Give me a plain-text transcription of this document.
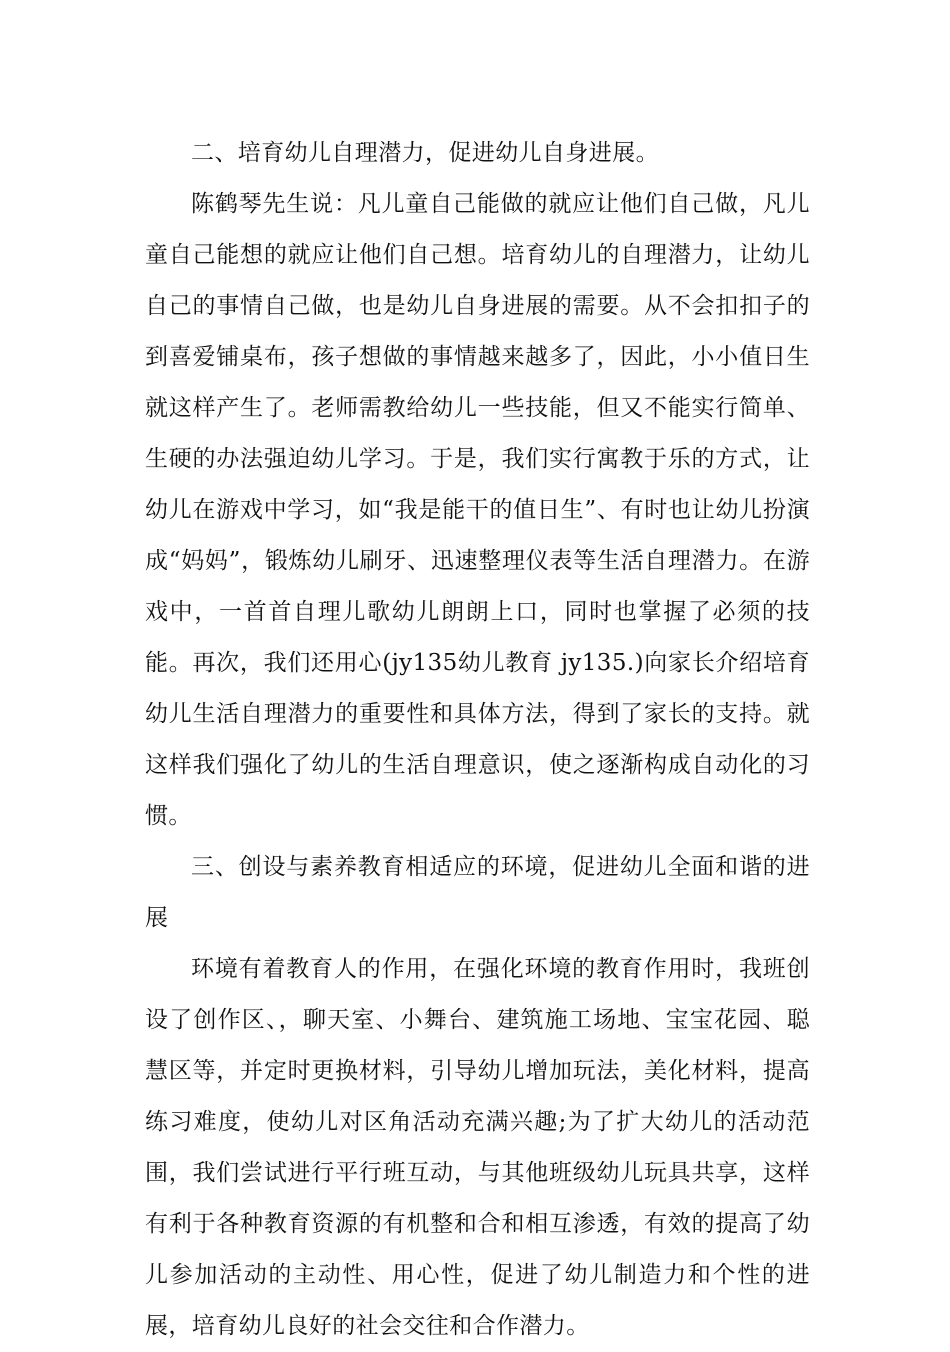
二、培育幼儿自理潜力，促进幼儿自身进展。

陈鹤琴先生说：凡儿童自己能做的就应让他们自己做，凡儿童自己能想的就应让他们自己想。培育幼儿的自理潜力，让幼儿自己的事情自己做，也是幼儿自身进展的需要。从不会扣扣子的到喜爱铺桌布，孩子想做的事情越来越多了，因此，小小值日生就这样产生了。老师需教给幼儿一些技能，但又不能实行简单、生硬的办法强迫幼儿学习。于是，我们实行寓教于乐的方式，让幼儿在游戏中学习，如“我是能干的值日生”、有时也让幼儿扮演成“妈妈”，锻炼幼儿刷牙、迅速整理仪表等生活自理潜力。在游戏中，一首首自理儿歌幼儿朗朗上口，同时也掌握了必须的技能。再次，我们还用心(jy135幼儿教育 jy135.)向家长介绍培育幼儿生活自理潜力的重要性和具体方法，得到了家长的支持。就这样我们强化了幼儿的生活自理意识，使之逐渐构成自动化的习惯。

三、创设与素养教育相适应的环境，促进幼儿全面和谐的进展

环境有着教育人的作用，在强化环境的教育作用时，我班创设了创作区、，聊天室、小舞台、建筑施工场地、宝宝花园、聪慧区等，并定时更换材料，引导幼儿增加玩法，美化材料，提高练习难度，使幼儿对区角活动充满兴趣;为了扩大幼儿的活动范围，我们尝试进行平行班互动，与其他班级幼儿玩具共享，这样有利于各种教育资源的有机整和合和相互渗透，有效的提高了幼儿参加活动的主动性、用心性，促进了幼儿制造力和个性的进展，培育幼儿良好的社会交往和合作潜力。
